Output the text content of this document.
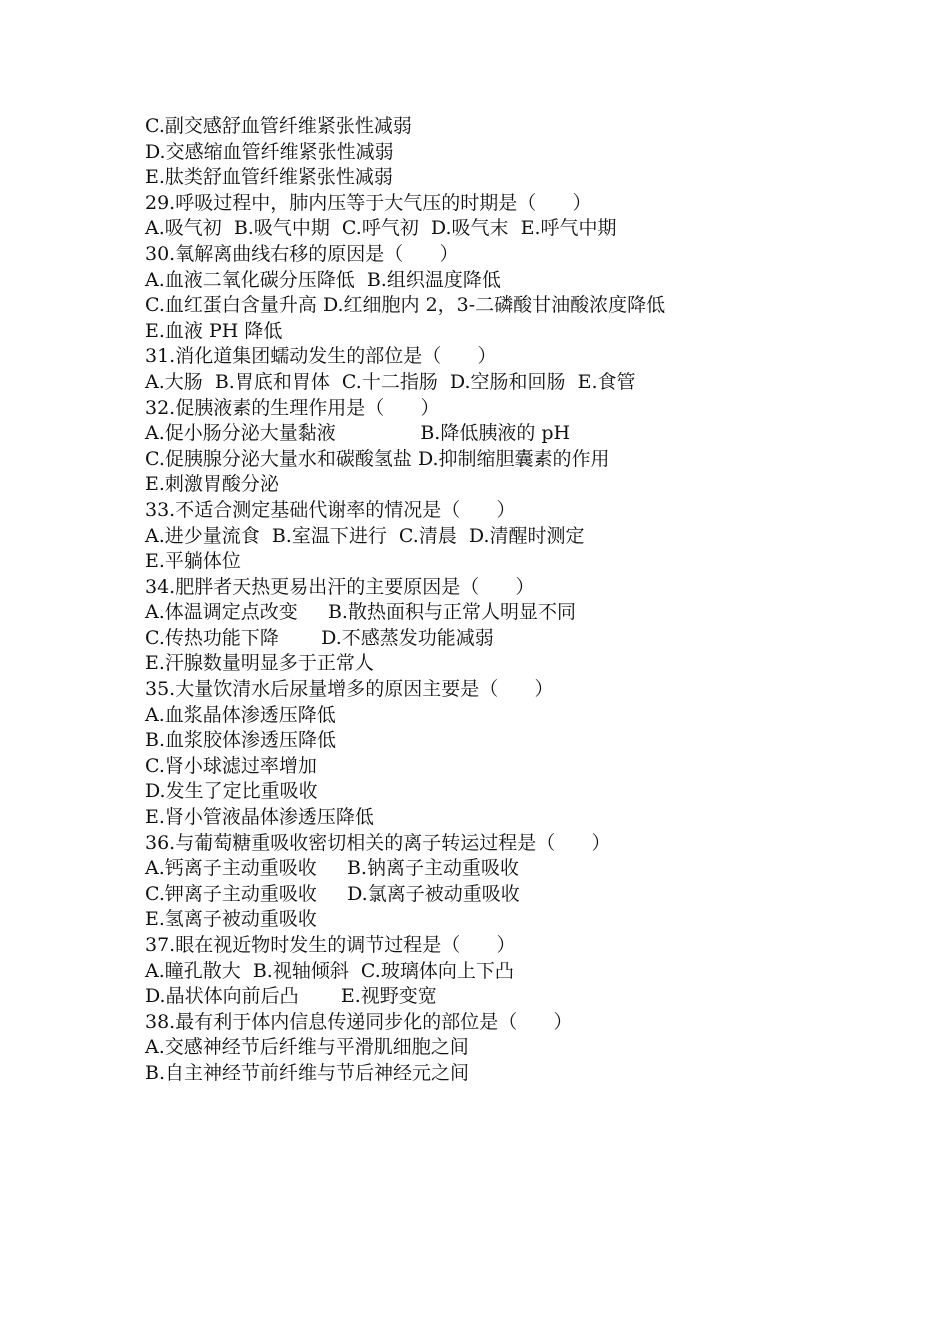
C.副交感舒血管纤维紧张性减弱
D.交感缩血管纤维紧张性减弱
E.肽类舒血管纤维紧张性减弱
29.呼吸过程中，肺内压等于大气压的时期是（      ）
A.吸气初  B.吸气中期  C.呼气初  D.吸气末  E.呼气中期
30.氧解离曲线右移的原因是（      ）
A.血液二氧化碳分压降低  B.组织温度降低
C.血红蛋白含量升高 D.红细胞内 2，3-二磷酸甘油酸浓度降低
E.血液 PH 降低
31.消化道集团蠕动发生的部位是（      ）
A.大肠  B.胃底和胃体  C.十二指肠  D.空肠和回肠  E.食管
32.促胰液素的生理作用是（      ）
A.促小肠分泌大量黏液              B.降低胰液的 pH
C.促胰腺分泌大量水和碳酸氢盐 D.抑制缩胆囊素的作用
E.刺激胃酸分泌
33.不适合测定基础代谢率的情况是（      ）
A.进少量流食  B.室温下进行  C.清晨  D.清醒时测定
E.平躺体位
34.肥胖者天热更易出汗的主要原因是（      ）
A.体温调定点改变     B.散热面积与正常人明显不同
C.传热功能下降       D.不感蒸发功能减弱
E.汗腺数量明显多于正常人
35.大量饮清水后尿量增多的原因主要是（      ）
A.血浆晶体渗透压降低
B.血浆胶体渗透压降低
C.肾小球滤过率增加
D.发生了定比重吸收
E.肾小管液晶体渗透压降低
36.与葡萄糖重吸收密切相关的离子转运过程是（      ）
A.钙离子主动重吸收     B.钠离子主动重吸收
C.钾离子主动重吸收     D.氯离子被动重吸收
E.氢离子被动重吸收
37.眼在视近物时发生的调节过程是（      ）
A.瞳孔散大  B.视轴倾斜  C.玻璃体向上下凸
D.晶状体向前后凸       E.视野变宽
38.最有利于体内信息传递同步化的部位是（      ）
A.交感神经节后纤维与平滑肌细胞之间
B.自主神经节前纤维与节后神经元之间
